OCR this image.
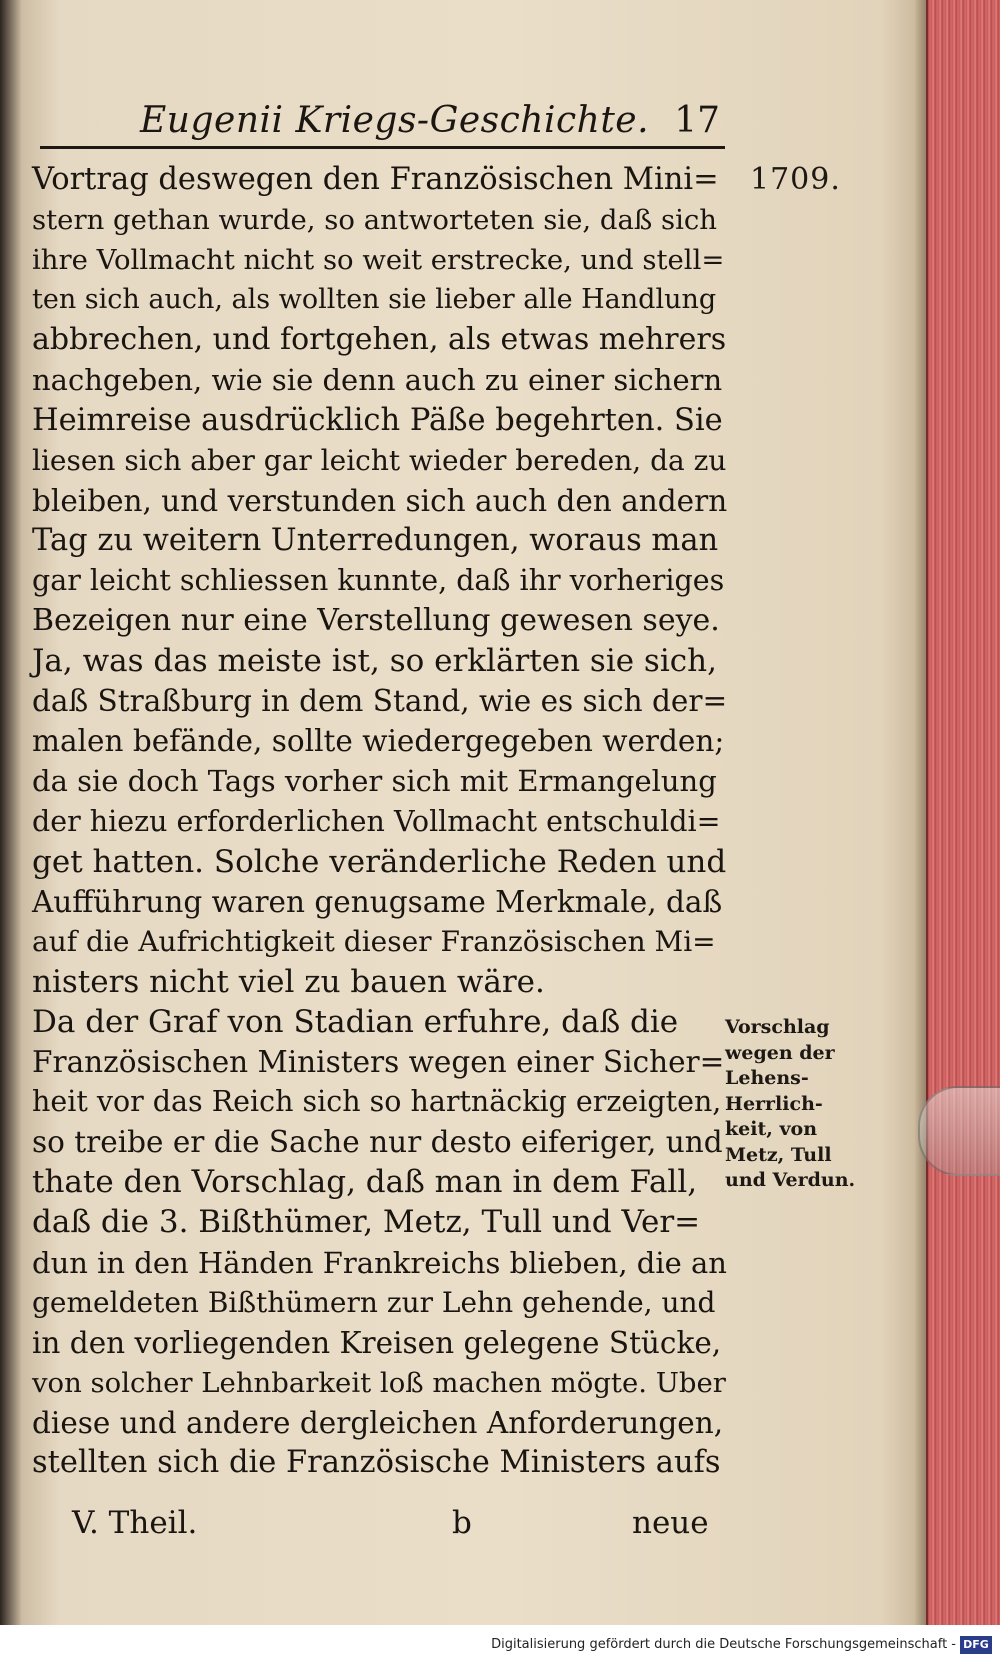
Eugenii Kriegs-Geschichte. 17
1709.
Vortrag deswegen den Französischen Mini=
stern gethan wurde, so antworteten sie, daß sich
ihre Vollmacht nicht so weit erstrecke, und stell=
ten sich auch, als wollten sie lieber alle Handlung
abbrechen, und fortgehen, als etwas mehrers
nachgeben, wie sie denn auch zu einer sichern
Heimreise ausdrücklich Päße begehrten. Sie
liesen sich aber gar leicht wieder bereden, da zu
bleiben, und verstunden sich auch den andern
Tag zu weitern Unterredungen, woraus man
gar leicht schliessen kunnte, daß ihr vorheriges
Bezeigen nur eine Verstellung gewesen seye.
Ja, was das meiste ist, so erklärten sie sich,
daß Straßburg in dem Stand, wie es sich der=
malen befände, sollte wiedergegeben werden;
da sie doch Tags vorher sich mit Ermangelung
der hiezu erforderlichen Vollmacht entschuldi=
get hatten. Solche veränderliche Reden und
Aufführung waren genugsame Merkmale, daß
auf die Aufrichtigkeit dieser Französischen Mi=
nisters nicht viel zu bauen wäre.
Da der Graf von Stadian erfuhre, daß die
Französischen Ministers wegen einer Sicher=
heit vor das Reich sich so hartnäckig erzeigten,
so treibe er die Sache nur desto eiferiger, und
thate den Vorschlag, daß man in dem Fall,
daß die 3. Bißthümer, Metz, Tull und Ver=
dun in den Händen Frankreichs blieben, die an
gemeldeten Bißthümern zur Lehn gehende, und
in den vorliegenden Kreisen gelegene Stücke,
von solcher Lehnbarkeit loß machen mögte. Uber
diese und andere dergleichen Anforderungen,
stellten sich die Französische Ministers aufs
Vorschlag
wegen der
Lehens-
Herrlich-
keit, von
Metz, Tull
und Verdun.
V. Theil.	b	neue
Digitalisierung gefördert durch die Deutsche Forschungsgemeinschaft - DFG
